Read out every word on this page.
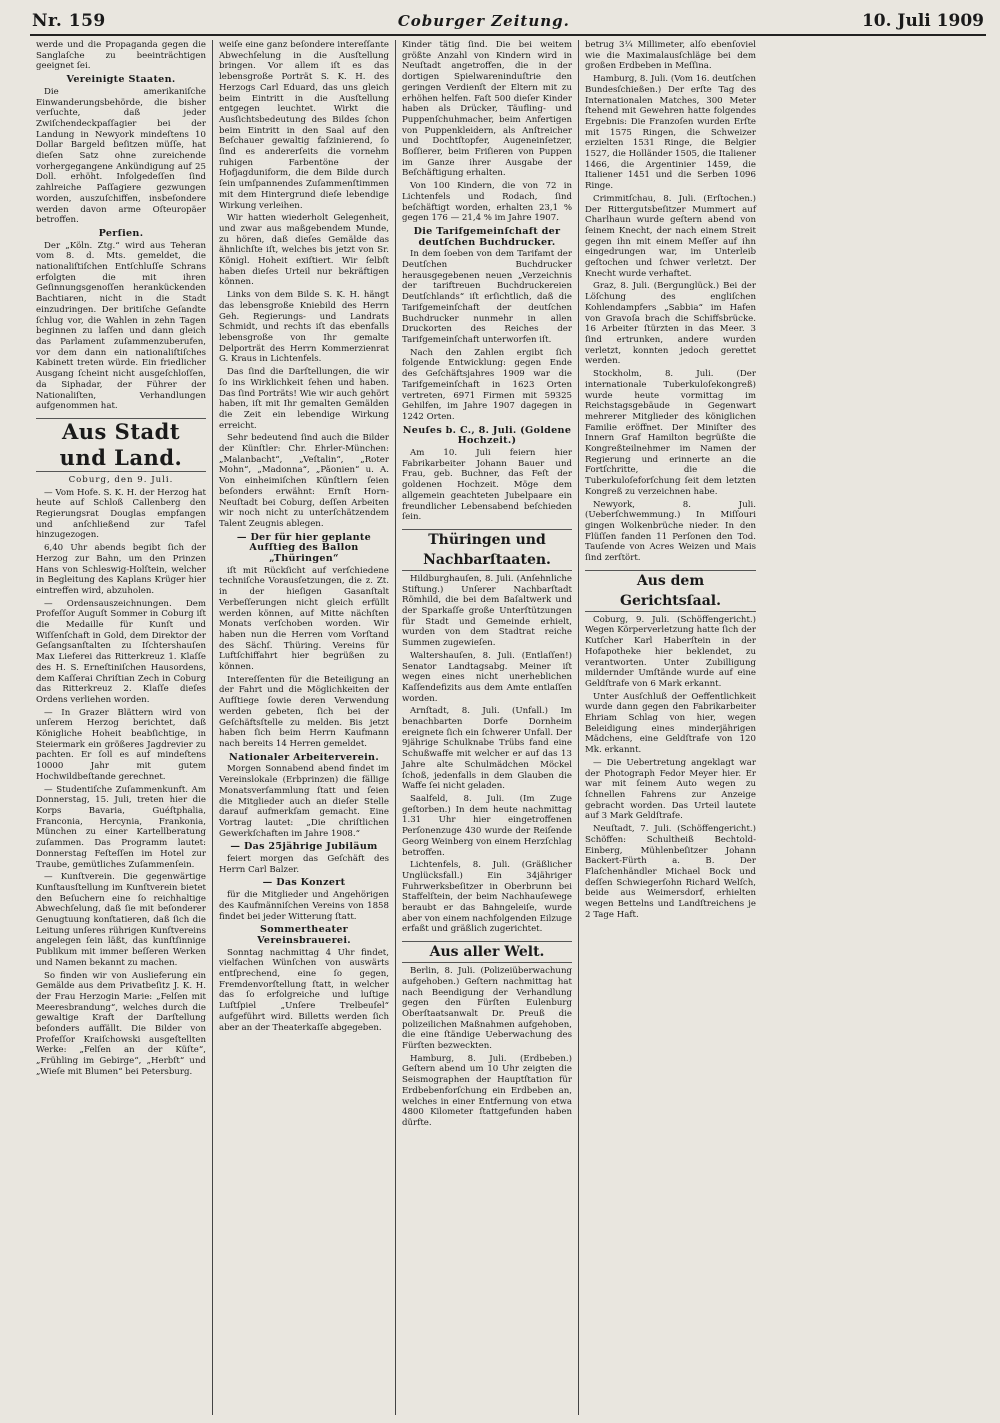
Nr. 159	Coburger Zeitung.	10. Juli 1909

werde und die Propaganda gegen die Sanglaſche zu beeinträchtigen geeignet ſei.

Vereinigte Staaten.

Die amerikaniſche Einwanderungsbehörde, die bisher verſuchte, daß jeder Zwiſchendeckpaſſagier bei der Landung in Newyork mindeſtens 10 Dollar Bargeld beſitzen müſſe, hat dieſen Satz ohne zureichende vorhergegangene Ankündigung auf 25 Doll. erhöht. Infolgedeſſen ſind zahlreiche Paſſagiere gezwungen worden, auszuſchiffen, insbeſondere werden davon arme Oſteuropäer betroffen.

Perſien.

Der „Köln. Ztg.“ wird aus Teheran vom 8. d. Mts. gemeldet, die nationaliſtiſchen Entſchluſſe Schrans erfolgten die mit ihren Geſinnungsgenoſſen herankückenden Bachtiaren, nicht in die Stadt einzudringen. Der britiſche Geſandte ſchlug vor, die Wahlen in zehn Tagen beginnen zu laſſen und dann gleich das Parlament zuſammenzuberufen, vor dem dann ein nationaliſtiſches Kabinett treten würde. Ein friedlicher Ausgang ſcheint nicht ausgeſchloſſen, da Siphadar, der Führer der Nationaliſten, Verhandlungen aufgenommen hat.

Aus Stadt und Land.
Coburg, den 9. Juli.

— Vom Hofe. S. K. H. der Herzog hat heute auf Schloß Callenberg den Regierungsrat Douglas empfangen und anſchließend zur Tafel hinzugezogen.

6,40 Uhr abends begibt ſich der Herzog zur Bahn, um den Prinzen Hans von Schleswig-Holſtein, welcher in Begleitung des Kaplans Krüger hier eintreffen wird, abzuholen.

— Ordensauszeichnungen. Dem Profeſſor Auguſt Sommer in Coburg iſt die Medaille für Kunſt und Wiſſenſchaft in Gold, dem Direktor der Geſangsanſtalten zu Iſchtershauſen Max Lieferei das Ritterkreuz 1. Klaſſe des H. S. Erneſtiniſchen Hausordens, dem Kaſſerai Chriſtian Zech in Coburg das Ritterkreuz 2. Klaſſe dieſes Ordens verliehen worden.

— In Grazer Blättern wird von unſerem Herzog berichtet, daß Königliche Hoheit beabſichtige, in Steiermark ein größeres Jagdrevier zu pachten. Er ſoll es auf mindeſtens 10000 Jahr mit gutem Hochwildbeſtande gerechnet.

— Studentiſche Zuſammenkunft. Am Donnerstag, 15. Juli, treten hier die Korps Bavaria, Guéſtphalia, Franconia, Hercynia, Frankonia, München zu einer Kartellberatung zuſammen. Das Programm lautet: Donnerstag Feſteſſen im Hotel zur Traube, gemütliches Zuſammenſein.

— Kunſtverein. Die gegenwärtige Kunſtausſtellung im Kunſtverein bietet den Beſuchern eine ſo reichhaltige Abwechſelung, daß ſie mit beſonderer Genugtuung konſtatieren, daß ſich die Leitung unſeres rührigen Kunſtvereins angelegen ſein läßt, das kunſtſinnige Publikum mit immer beſſeren Werken und Namen bekannt zu machen.

So finden wir von Auslieferung ein Gemälde aus dem Privatbeſitz J. K. H. der Frau Herzogin Marie: „Felſen mit Meeresbrandung“, welches durch die gewaltige Kraft der Darſtellung beſonders auffällt. Die Bilder von Profeſſor Kraiſchowski ausgeſtellten Werke: „Felſen an der Küſte“, „Frühling im Gebirge“, „Herbſt“ und „Wieſe mit Blumen“ bei Petersburg.

weiſe eine ganz beſondere intereſſante Abwechſelung in die Ausſtellung bringen. Vor allem iſt es das lebensgroße Porträt S. K. H. des Herzogs Carl Eduard, das uns gleich beim Eintritt in die Ausſtellung entgegen leuchtet. Wirkt die Ausſichtsbedeutung des Bildes ſchon beim Eintritt in den Saal auf den Beſchauer gewaltig faſzinierend, ſo ſind es andererſeits die vornehm ruhigen Farbentöne der Hofjagduniform, die dem Bilde durch ſein umſpannendes Zuſammenſtimmen mit dem Hintergrund dieſe lebendige Wirkung verleihen.

Wir hatten wiederholt Gelegenheit, und zwar aus maßgebendem Munde, zu hören, daß dieſes Gemälde das ähnlichſte iſt, welches bis jetzt von Sr. Königl. Hoheit exiſtiert. Wir ſelbſt haben dieſes Urteil nur bekräftigen können.

Links von dem Bilde S. K. H. hängt das lebensgroße Kniebild des Herrn Geh. Regierungs- und Landrats Schmidt, und rechts iſt das ebenfalls lebensgroße von Ihr gemalte Delporträt des Herrn Kommerzienrat G. Kraus in Lichtenfels.

Das ſind die Darſtellungen, die wir ſo ins Wirklichkeit ſehen und haben. Das ſind Porträts! Wie wir auch gehört haben, iſt mit Ihr gemalten Gemälden die Zeit ein lebendige Wirkung erreicht.

Sehr bedeutend ſind auch die Bilder der Künſtler: Chr. Ehrler-München: „Malanbacht“, „Veſtalin“, „Roter Mohn“, „Madonna“, „Päonien“ u. A. Von einheimiſchen Künſtlern ſeien beſonders erwähnt: Ernſt Horn-Neuſtadt bei Coburg, deſſen Arbeiten wir noch nicht zu unterſchätzendem Talent Zeugnis ablegen.

— Der für hier geplante Aufſtieg des Ballon „Thüringen“

iſt mit Rückſicht auf verſchiedene techniſche Vorausſetzungen, die z. Zt. in der hieſigen Gasanſtalt Verbeſſerungen nicht gleich erfüllt werden können, auf Mitte nächſten Monats verſchoben worden. Wir haben nun die Herren vom Vorſtand des Sächſ. Thüring. Vereins für Luftſchiffahrt hier begrüßen zu können.

Intereſſenten für die Beteiligung an der Fahrt und die Möglichkeiten der Aufſtiege ſowie deren Verwendung werden gebeten, ſich bei der Geſchäftsſtelle zu melden. Bis jetzt haben ſich beim Herrn Kaufmann nach bereits 14 Herren gemeldet.

Nationaler Arbeiterverein.

Morgen Sonnabend abend findet im Vereinslokale (Erbprinzen) die fällige Monatsverſammlung ſtatt und ſeien die Mitglieder auch an dieſer Stelle darauf aufmerkſam gemacht. Eine Vortrag lautet: „Die chriſtlichen Gewerkſchaften im Jahre 1908.“

— Das 25jährige Jubiläum

feiert morgen das Geſchäft des Herrn Carl Balzer.

— Das Konzert

für die Mitglieder und Angehörigen des Kaufmänniſchen Vereins von 1858 findet bei jeder Witterung ſtatt.

Sommertheater Vereinsbrauerei.

Sonntag nachmittag 4 Uhr findet, vielfachen Wünſchen von auswärts entſprechend, eine ſo gegen, Fremdenvorſtellung ſtatt, in welcher das ſo erfolgreiche und luſtige Luſtſpiel „Unſere Trelbeuſel“ aufgeführt wird. Billetts werden ſich aber an der Theaterkaſſe abgegeben.

Kinder tätig ſind. Die bei weitem größte Anzahl von Kindern wird in Neuſtadt angetroffen, die in der dortigen Spielwareninduſtrie den geringen Verdienſt der Eltern mit zu erhöhen helfen. Faſt 500 dieſer Kinder haben als Drücker, Täufling- und Puppenſchuhmacher, beim Anfertigen von Puppenkleidern, als Anſtreicher und Dochtſtopfer, Augeneinſetzer, Boſſierer, beim Friſieren von Puppen im Ganze ihrer Ausgabe der Beſchäftigung erhalten.

Von 100 Kindern, die von 72 in Lichtenfels und Rodach, ſind beſchäftigt worden, erhalten 23,1 % gegen 176 — 21,4 % im Jahre 1907.

Die Tarifgemeinſchaft der deutſchen Buchdrucker.

In dem ſoeben von dem Tarifamt der Deutſchen Buchdrucker herausgegebenen neuen „Verzeichnis der tariftreuen Buchdruckereien Deutſchlands“ iſt erſichtlich, daß die Tarifgemeinſchaft der deutſchen Buchdrucker nunmehr in allen Druckorten des Reiches der Tarifgemeinſchaft unterworfen iſt.

Nach den Zahlen ergibt ſich folgende Entwicklung: gegen Ende des Geſchäftsjahres 1909 war die Tarifgemeinſchaft in 1623 Orten vertreten, 6971 Firmen mit 59325 Gehilfen, im Jahre 1907 dagegen in 1242 Orten.

Neuſes b. C., 8. Juli. (Goldene Hochzeit.)

Am 10. Juli feiern hier Fabrikarbeiter Johann Bauer und Frau, geb. Buchner, das Feſt der goldenen Hochzeit. Möge dem allgemein geachteten Jubelpaare ein freundlicher Lebensabend beſchieden ſein.

Thüringen und Nachbarſtaaten.

Hildburghauſen, 8. Juli. (Anſehnliche Stiftung.) Unſerer Nachbarſtadt Römhild, die bei dem Baſaltwerk und der Sparkaſſe große Unterſtützungen für Stadt und Gemeinde erhielt, wurden von dem Stadtrat reiche Summen zugewieſen.

Waltershauſen, 8. Juli. (Entlaſſen!) Senator Landtagsabg. Meiner iſt wegen eines nicht unerheblichen Kaſſendefizits aus dem Amte entlaſſen worden.

Arnſtadt, 8. Juli. (Unfall.) Im benachbarten Dorfe Dornheim ereignete ſich ein ſchwerer Unfall. Der 9jährige Schulknabe Trübs fand eine Schußwaffe mit welcher er auf das 13 Jahre alte Schulmädchen Möckel ſchoß, jedenfalls in dem Glauben die Waffe ſei nicht geladen.

Saalfeld, 8. Juli. (Im Zuge geſtorben.) In dem heute nachmittag 1.31 Uhr hier eingetroffenen Perſonenzuge 430 wurde der Reiſende Georg Weinberg von einem Herzſchlag betroffen.

Lichtenfels, 8. Juli. (Gräßlicher Unglücksfall.) Ein 34jähriger Fuhrwerksbeſitzer in Oberbrunn bei Staffelſtein, der beim Nachhauſewege beraubt er das Bahngeleiſe, wurde aber von einem nachfolgenden Eilzuge erfaßt und gräßlich zugerichtet.

Aus aller Welt.

Berlin, 8. Juli. (Polizeiüberwachung aufgehoben.) Geſtern nachmittag hat nach Beendigung der Verhandlung gegen den Fürſten Eulenburg Oberſtaatsanwalt Dr. Preuß die polizeilichen Maßnahmen aufgehoben, die eine ſtändige Ueberwachung des Fürſten bezweckten.

Hamburg, 8. Juli. (Erdbeben.) Geſtern abend um 10 Uhr zeigten die Seismographen der Hauptſtation für Erdbebenforſchung ein Erdbeben an, welches in einer Entfernung von etwa 4800 Kilometer ſtattgefunden haben dürfte.

betrug 3¼ Millimeter, alſo ebenſoviel wie die Maximalausſchläge bei dem großen Erdbeben in Meſſina.

Hamburg, 8. Juli. (Vom 16. deutſchen Bundesſchießen.) Der erſte Tag des Internationalen Matches, 300 Meter ſtehend mit Gewehren hatte folgendes Ergebnis: Die Franzoſen wurden Erſte mit 1575 Ringen, die Schweizer erzielten 1531 Ringe, die Belgier 1527, die Holländer 1505, die Italiener 1466, die Argentinier 1459, die Italiener 1451 und die Serben 1096 Ringe.

Crimmitſchau, 8. Juli. (Erſtochen.) Der Rittergutsbeſitzer Mummert auf Charlhaun wurde geſtern abend von ſeinem Knecht, der nach einem Streit gegen ihn mit einem Meſſer auf ihn eingedrungen war, im Unterleib geſtochen und ſchwer verletzt. Der Knecht wurde verhaftet.

Graz, 8. Juli. (Bergunglück.) Bei der Löſchung des engliſchen Kohlendampfers „Sabbia“ im Hafen von Gravoſa brach die Schiffsbrücke. 16 Arbeiter ſtürzten in das Meer. 3 ſind ertrunken, andere wurden verletzt, konnten jedoch gerettet werden.

Stockholm, 8. Juli. (Der internationale Tuberkuloſekongreß) wurde heute vormittag im Reichstagsgebäude in Gegenwart mehrerer Mitglieder des königlichen Familie eröffnet. Der Miniſter des Innern Graf Hamilton begrüßte die Kongreßteilnehmer im Namen der Regierung und erinnerte an die Fortſchritte, die die Tuberkuloſeforſchung ſeit dem letzten Kongreß zu verzeichnen habe.

Newyork, 8. Juli. (Ueberſchwemmung.) In Miſſouri gingen Wolkenbrüche nieder. In den Flüſſen fanden 11 Perſonen den Tod. Tauſende von Acres Weizen und Mais ſind zerſtört.

Aus dem Gerichtsſaal.

Coburg, 9. Juli. (Schöffengericht.) Wegen Körperverletzung hatte ſich der Kutſcher Karl Haberſtein in der Hofapotheke hier beklendet, zu verantworten. Unter Zubilligung mildernder Umſtände wurde auf eine Geldſtrafe von 6 Mark erkannt.

Unter Ausſchluß der Oeffentlichkeit wurde dann gegen den Fabrikarbeiter Ehriam Schlag von hier, wegen Beleidigung eines minderjährigen Mädchens, eine Geldſtrafe von 120 Mk. erkannt.

— Die Uebertretung angeklagt war der Photograph Fedor Meyer hier. Er war mit ſeinem Auto wegen zu ſchnellen Fahrens zur Anzeige gebracht worden. Das Urteil lautete auf 3 Mark Geldſtrafe.

Neuſtadt, 7. Juli. (Schöffengericht.) Schöffen: Schultheiß Bechtold-Einberg, Mühlenbeſitzer Johann Backert-Fürth a. B. Der Flaſchenhändler Michael Bock und deſſen Schwiegerſohn Richard Welſch, beide aus Weimersdorf, erhielten wegen Bettelns und Landſtreichens je 2 Tage Haft.
